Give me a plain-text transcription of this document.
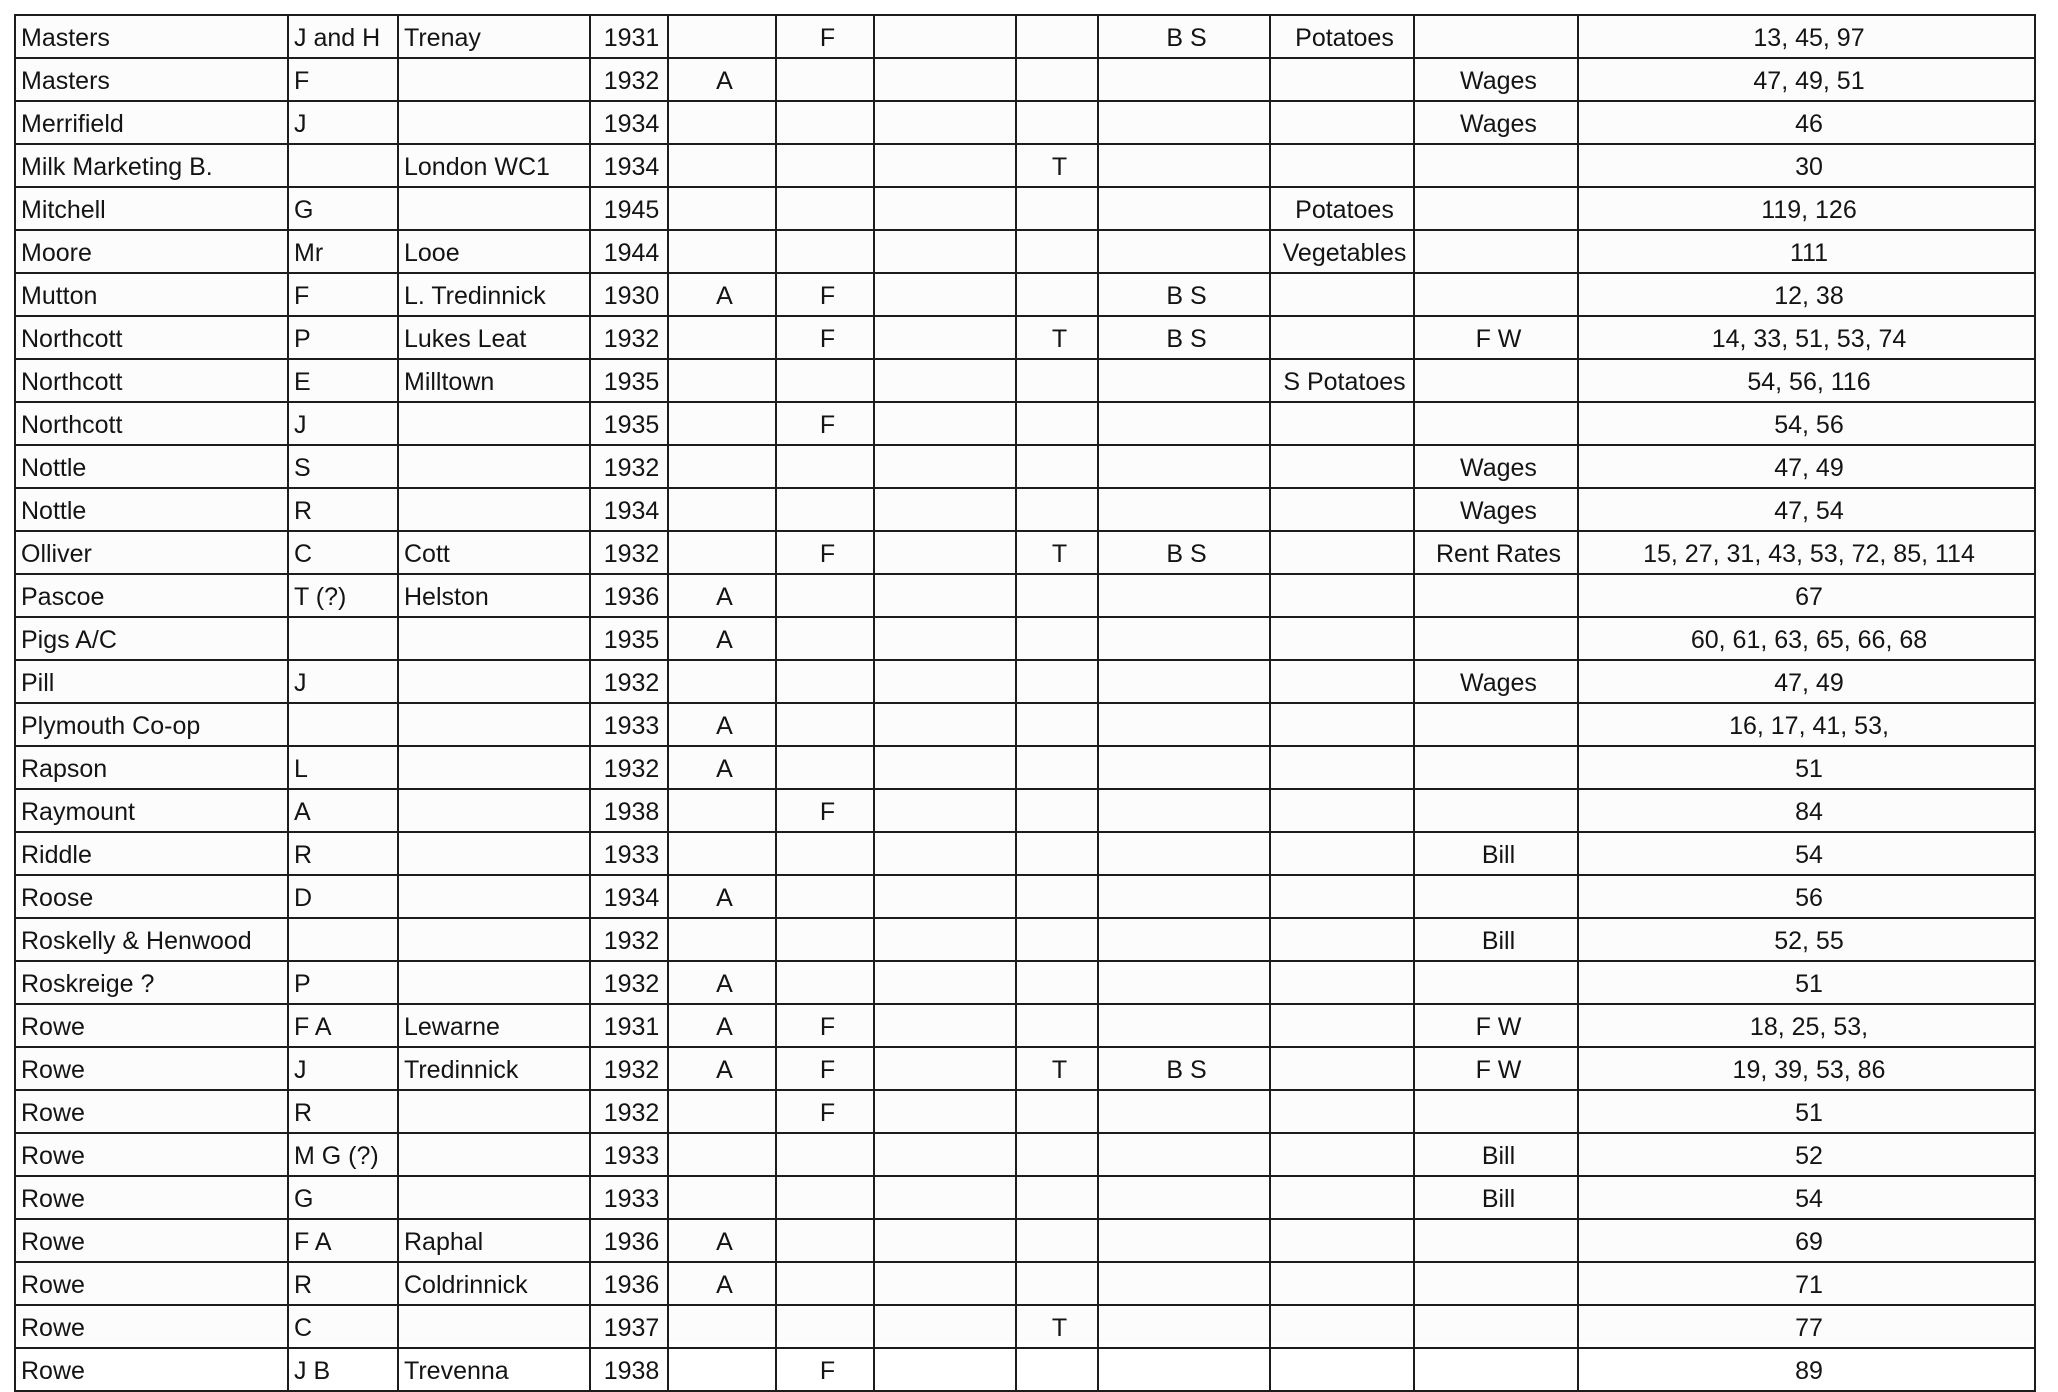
Masters	J and H	Trenay	1931		F			B S	Potatoes		13, 45, 97
Masters	F		1932	A						Wages	47, 49, 51
Merrifield	J		1934							Wages	46
Milk Marketing B.		London WC1	1934				T				30
Mitchell	G		1945						Potatoes		119, 126
Moore	Mr	Looe	1944						Vegetables		111
Mutton	F	L. Tredinnick	1930	A	F			B S			12, 38
Northcott	P	Lukes Leat	1932		F		T	B S		F W	14, 33, 51, 53, 74
Northcott	E	Milltown	1935						S Potatoes		54, 56, 116
Northcott	J		1935		F						54, 56
Nottle	S		1932							Wages	47, 49
Nottle	R		1934							Wages	47, 54
Olliver	C	Cott	1932		F		T	B S		Rent Rates	15, 27, 31, 43, 53, 72, 85, 114
Pascoe	T (?)	Helston	1936	A							67
Pigs A/C			1935	A							60, 61, 63, 65, 66, 68
Pill	J		1932							Wages	47, 49
Plymouth Co-op			1933	A							16, 17, 41, 53,
Rapson	L		1932	A							51
Raymount	A		1938		F						84
Riddle	R		1933							Bill	54
Roose	D		1934	A							56
Roskelly & Henwood			1932							Bill	52, 55
Roskreige ?	P		1932	A							51
Rowe	F A	Lewarne	1931	A	F					F W	18, 25, 53,
Rowe	J	Tredinnick	1932	A	F		T	B S		F W	19, 39, 53, 86
Rowe	R		1932		F						51
Rowe	M G (?)		1933							Bill	52
Rowe	G		1933							Bill	54
Rowe	F A	Raphal	1936	A							69
Rowe	R	Coldrinnick	1936	A							71
Rowe	C		1937				T				77
Rowe	J B	Trevenna	1938		F						89
